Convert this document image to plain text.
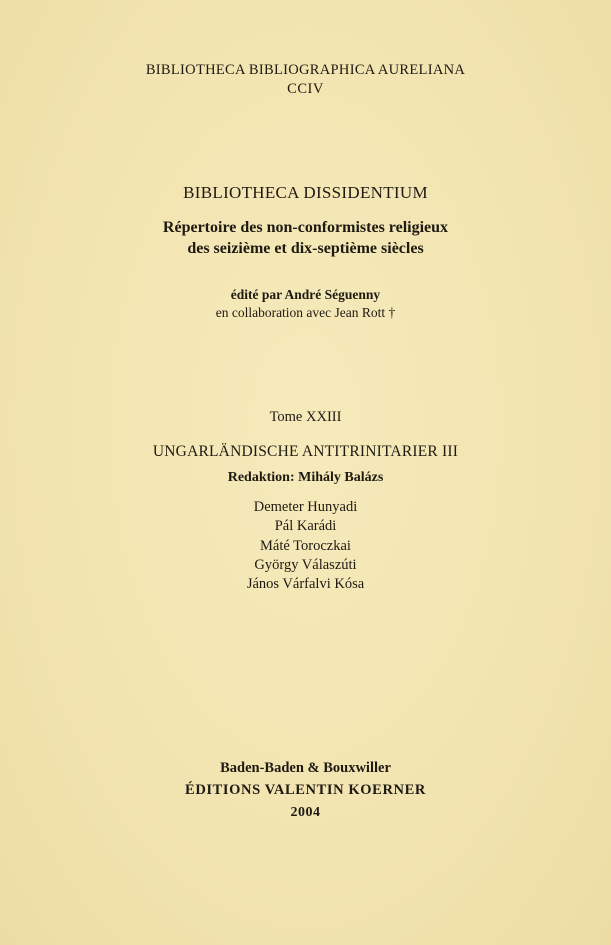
BIBLIOTHECA BIBLIOGRAPHICA AURELIANA
CCIV
BIBLIOTHECA DISSIDENTIUM
Répertoire des non-conformistes religieux
des seizième et dix-septième siècles
édité par André Séguenny
en collaboration avec Jean Rott †
Tome XXIII
UNGARLÄNDISCHE ANTITRINITARIER III
Redaktion: Mihály Balázs
Demeter Hunyadi
Pál Karádi
Máté Toroczkai
György Válaszúti
János Várfalvi Kósa
Baden-Baden & Bouxwiller
ÉDITIONS VALENTIN KOERNER
2004
